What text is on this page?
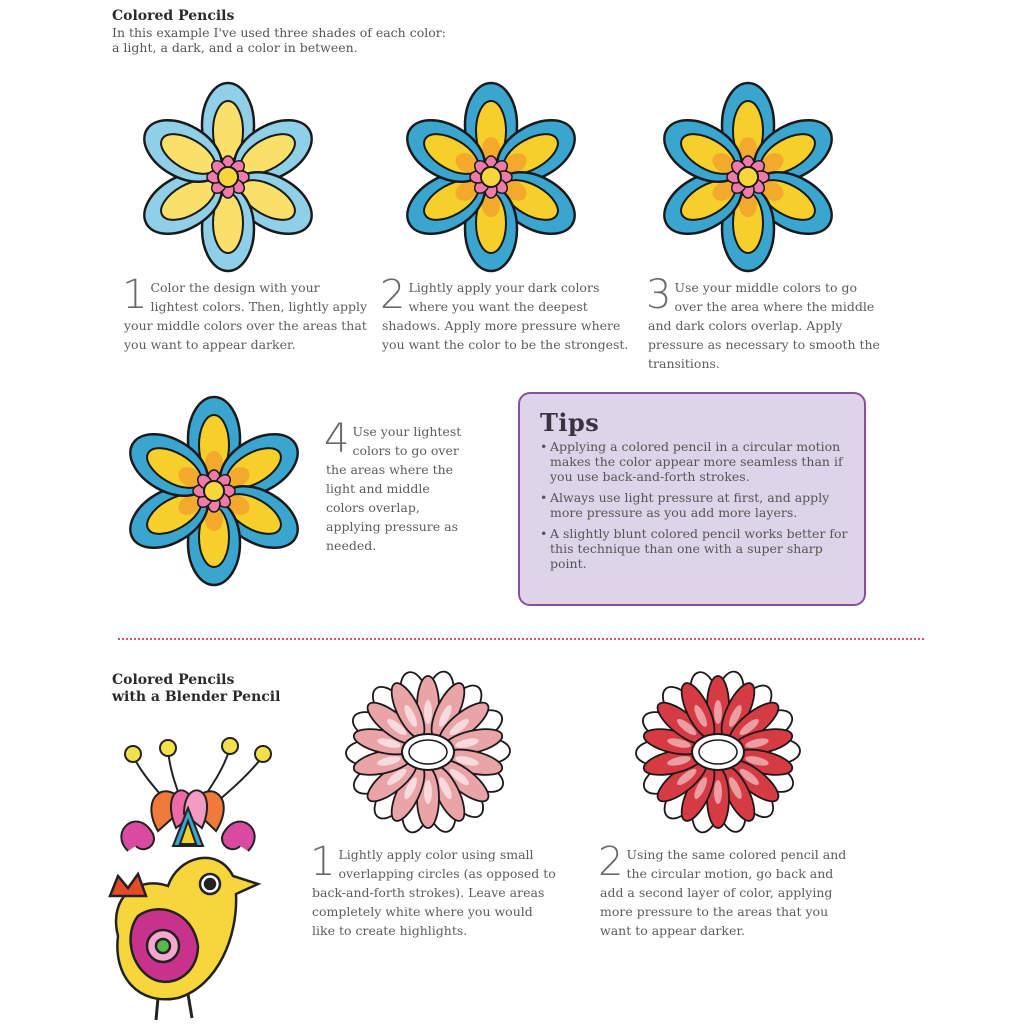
Colored Pencils
In this example I've used three shades of each color:
a light, a dark, and a color in between.
1 Color the design with your lightest colors. Then, lightly apply your middle colors over the areas that you want to appear darker.
2 Lightly apply your dark colors where you want the deepest shadows. Apply more pressure where you want the color to be the strongest.
3 Use your middle colors to go over the area where the middle and dark colors overlap. Apply pressure as necessary to smooth the transitions.
4 Use your lightest colors to go over the areas where the light and middle colors overlap, applying pressure as needed.
Tips
• Applying a colored pencil in a circular motion makes the color appear more seamless than if you use back-and-forth strokes.
• Always use light pressure at first, and apply more pressure as you add more layers.
• A slightly blunt colored pencil works better for this technique than one with a super sharp point.
Colored Pencils
with a Blender Pencil
1 Lightly apply color using small overlapping circles (as opposed to back-and-forth strokes). Leave areas completely white where you would like to create highlights.
2 Using the same colored pencil and the circular motion, go back and add a second layer of color, applying more pressure to the areas that you want to appear darker.
